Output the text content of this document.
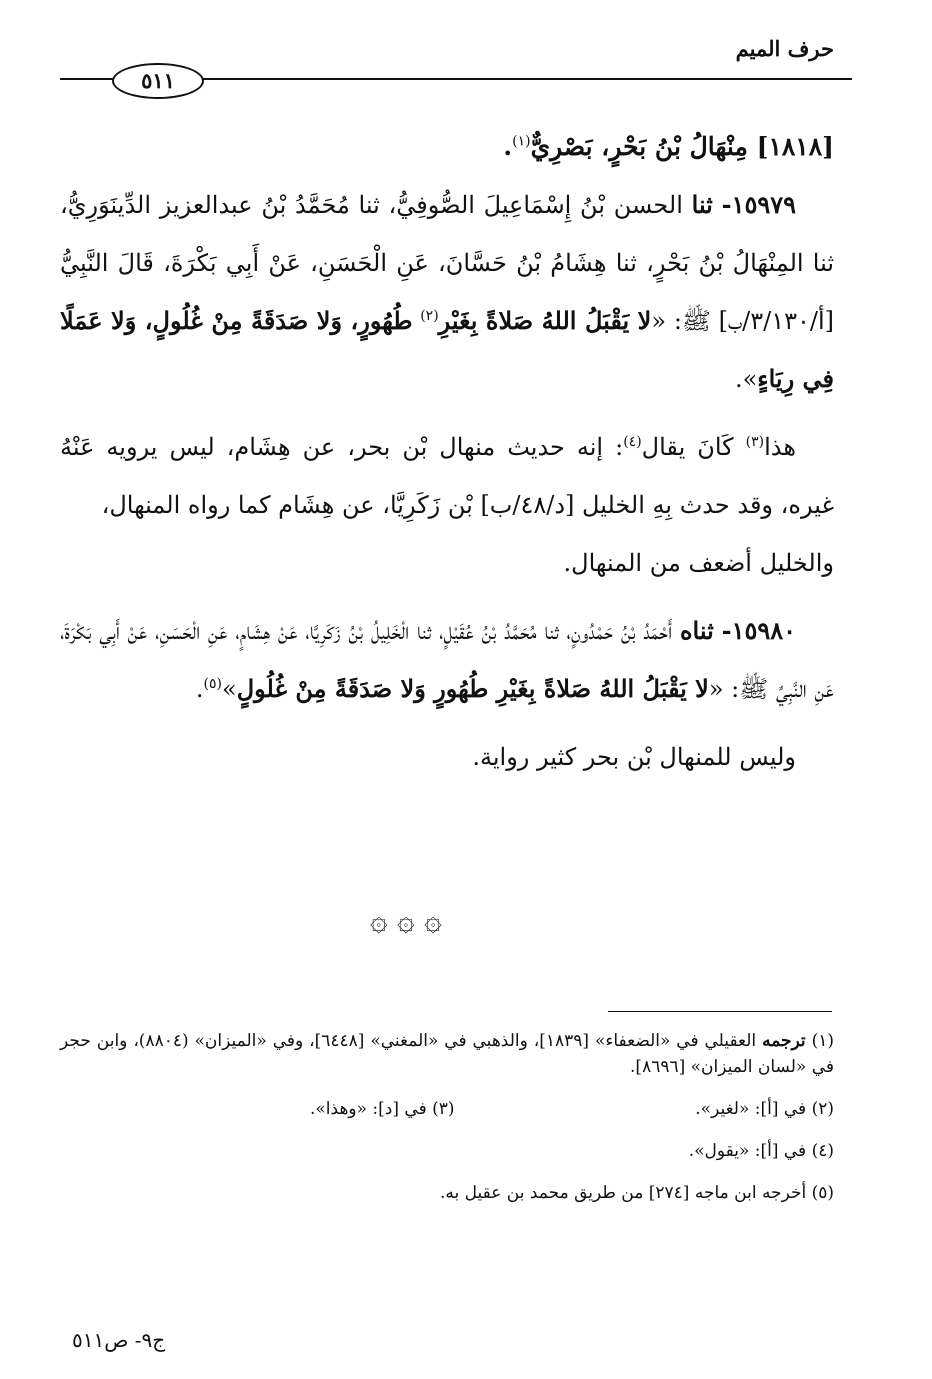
حرف الميم
٥١١

[١٨١٨] مِنْهَالُ بْنُ بَحْرٍ، بَصْرِيٌّ$^{(١)}$.

١٥٩٧٩- ثنا الحسن بْنُ إِسْمَاعِيلَ الصُّوفِيُّ، ثنا مُحَمَّدُ بْنُ عبدالعزيز الدِّينَوَرِيُّ، ثنا المِنْهَالُ بْنُ بَحْرٍ، ثنا هِشَامُ بْنُ حَسَّانَ، عَنِ الْحَسَنِ، عَنْ أَبِي بَكْرَةَ، قَالَ النَّبِيُّ [أ/٣/١٣٠/ب] ﷺ: «لا يَقْبَلُ اللهُ صَلاةً بِغَيْرِ$^{(٢)}$ طُهُورٍ، وَلا صَدَقَةً مِنْ غُلُولٍ، وَلا عَمَلًا فِي رِيَاءٍ».

هذا$^{(٣)}$ كَانَ يقال$^{(٤)}$: إنه حديث منهال بْن بحر، عن هِشَام، ليس يرويه عَنْهُ غيره، وقد حدث بِهِ الخليل [د/٤٨/ب] بْن زَكَرِيَّا، عن هِشَام كما رواه المنهال،
والخليل أضعف من المنهال.

١٥٩٨٠- ثناه أَحْمَدُ بْنُ حَمْدُونٍ، ثنا مُحَمَّدُ بْنُ عُقَيْلٍ، ثنا الْخَلِيلُ بْنُ زَكَرِيَّا، عَنْ هِشَامٍ، عَنِ الْحَسَنِ، عَنْ أَبِي بَكْرَةَ، عَنِ النَّبِيِّ ﷺ: «لا يَقْبَلُ اللهُ صَلاةً بِغَيْرِ طُهُورٍ وَلا صَدَقَةً مِنْ غُلُولٍ»$^{(٥)}$.

وليس للمنهال بْن بحر كثير رواية.

۞ ۞ ۞
(١) ترجمه العقيلي في «الضعفاء» [١٨٣٩]، والذهبي في «المغني» [٦٤٤٨]، وفي «الميزان» (٨٨٠٤)، وابن حجر في «لسان الميزان» [٨٦٩٦].
(٢) في [أ]: «لغير».
(٣) في [د]: «وهذا».
(٤) في [أ]: «يقول».
(٥) أخرجه ابن ماجه [٢٧٤] من طريق محمد بن عقيل به.
ج٩- ص٥١١
